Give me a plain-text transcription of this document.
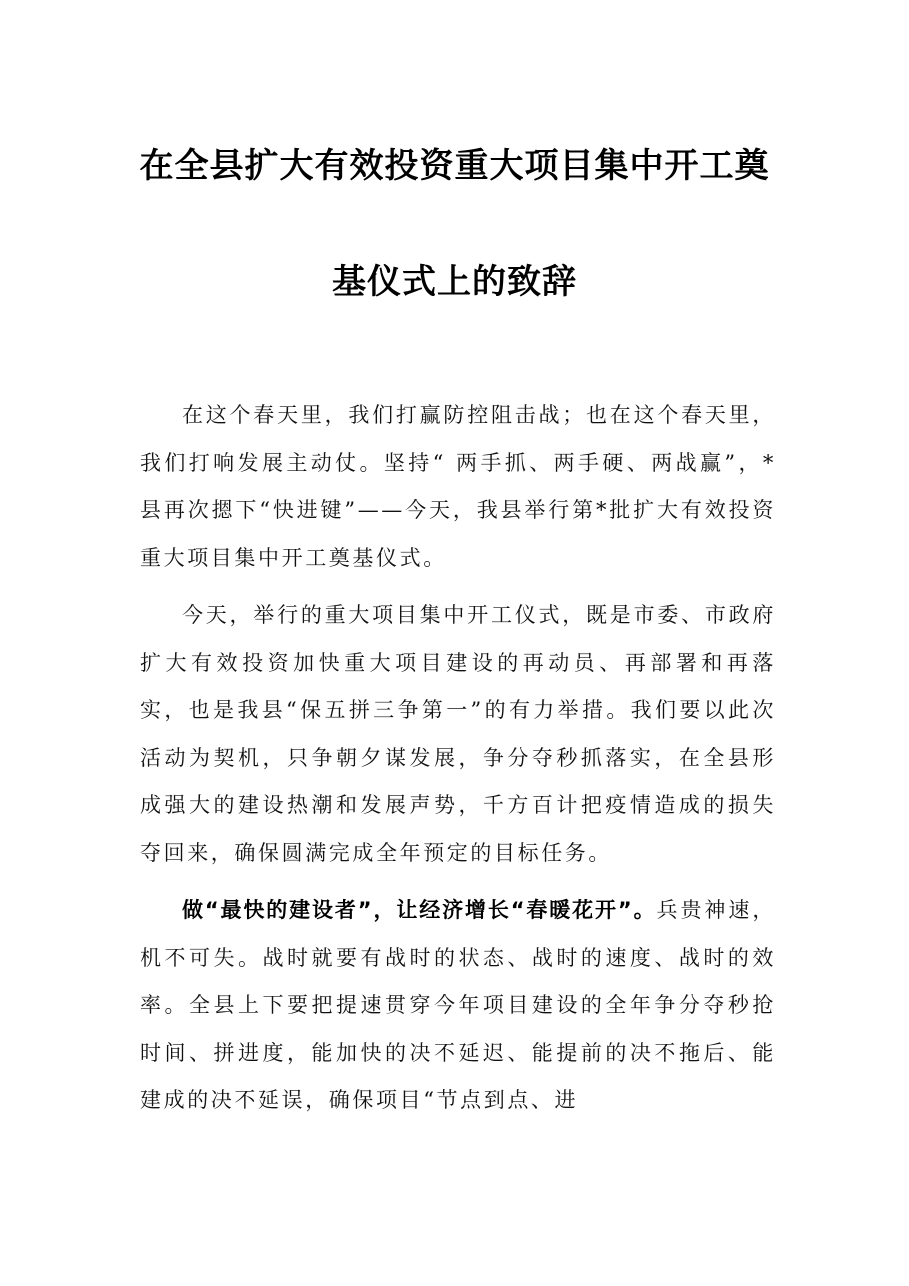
在全县扩大有效投资重大项目集中开工奠
基仪式上的致辞

在这个春天里，我们打赢防控阻击战；也在这个春天里，我们打响发展主动仗。坚持“ 两手抓、两手硬、两战赢”，*县再次摁下“快进键”——今天，我县举行第*批扩大有效投资重大项目集中开工奠基仪式。

今天，举行的重大项目集中开工仪式，既是市委、市政府扩大有效投资加快重大项目建设的再动员、再部署和再落实，也是我县“保五拼三争第一”的有力举措。我们要以此次活动为契机，只争朝夕谋发展，争分夺秒抓落实，在全县形成强大的建设热潮和发展声势，千方百计把疫情造成的损失夺回来，确保圆满完成全年预定的目标任务。

做“最快的建设者”，让经济增长“春暖花开”。兵贵神速，机不可失。战时就要有战时的状态、战时的速度、战时的效率。全县上下要把提速贯穿今年项目建设的全年争分夺秒抢时间、拼进度，能加快的决不延迟、能提前的决不拖后、能建成的决不延误，确保项目“节点到点、进
